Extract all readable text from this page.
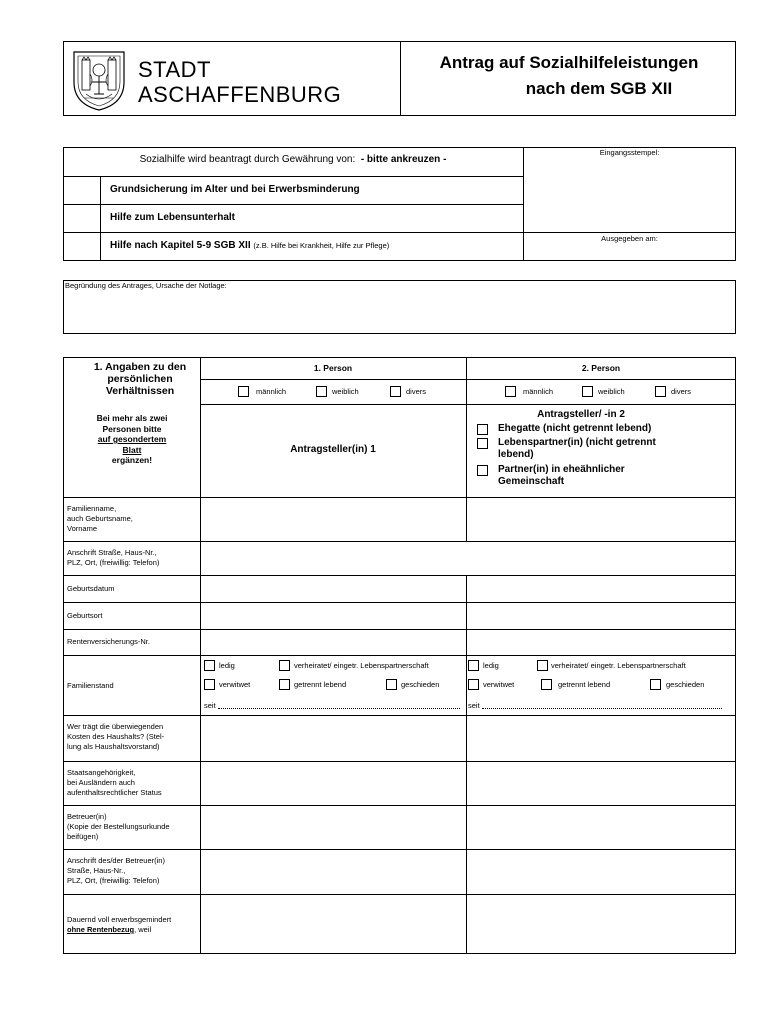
STADT
ASCHAFFENBURG
Antrag auf Sozialhilfeleistungen
nach dem SGB XII
Sozialhilfe wird beantragt durch Gewährung von: - bitte ankreuzen -
Grundsicherung im Alter und bei Erwerbsminderung
Hilfe zum Lebensunterhalt
Hilfe nach Kapitel 5-9 SGB XII (z.B. Hilfe bei Krankheit, Hilfe zur Pflege)
Eingangsstempel:
Ausgegeben am:
Begründung des Antrages, Ursache der Notlage:
1. Angaben zu den persönlichen Verhältnissen
Bei mehr als zwei
Personen bitte
auf gesondertem
Blatt
ergänzen!
1. Person	2. Person
männlich	weiblich	divers	männlich	weiblich	divers
Antragsteller(in) 1
Antragsteller/ -in 2
Ehegatte (nicht getrennt lebend)
Lebenspartner(in) (nicht getrennt
lebend)
Partner(in) in eheähnlicher
Gemeinschaft
Familienname,
auch Geburtsname,
Vorname
Anschrift Straße, Haus-Nr.,
PLZ, Ort, (freiwillig: Telefon)
Geburtsdatum
Geburtsort
Rentenversicherungs-Nr.
Familienstand
ledig	verheiratet/ eingetr. Lebenspartnerschaft
verwitwet	getrennt lebend	geschieden
seit
ledig	verheiratet/ eingetr. Lebenspartnerschaft
verwitwet	getrennt lebend	geschieden
seit
Wer trägt die überwiegenden
Kosten des Haushalts? (Stel-
lung als Haushaltsvorstand)
Staatsangehörigkeit,
bei Ausländern auch
aufenthaltsrechtlicher Status
Betreuer(in)
(Kopie der Bestellungsurkunde
beifügen)
Anschrift des/der Betreuer(in)
Straße, Haus-Nr.,
PLZ, Ort, (freiwillig: Telefon)
Dauernd voll erwerbsgemindert
ohne Rentenbezug, weil
